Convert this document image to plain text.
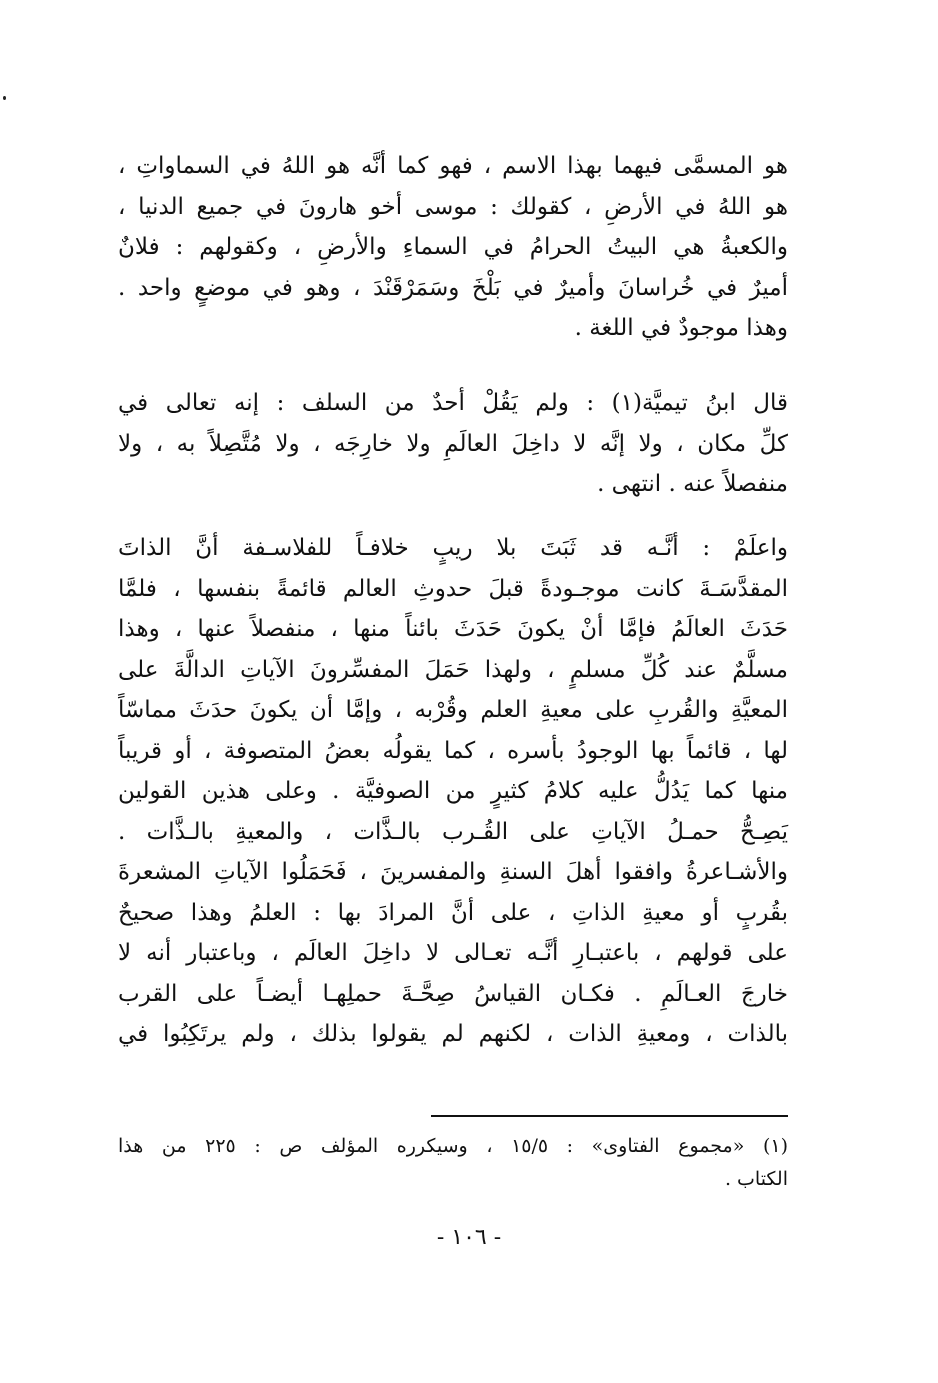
هو المسمَّى فيهما بهذا الاسم ، فهو كما أنَّه هو اللهُ في السماواتِ ،
هو اللهُ في الأرضِ ، كقولك : موسى أخو هارونَ في جميع الدنيا ،
والكعبةُ هي البيتُ الحرامُ في السماءِ والأرضِ ، وكقولهم : فلانٌ
أميرٌ في خُراسانَ وأميرٌ في بَلْخَ وسَمَرْقَنْدَ ، وهو في موضعٍ واحد .
وهذا موجودٌ في اللغة .
قال ابنُ تيميَّة(١) : ولم يَقُلْ أحدٌ من السلف : إنه تعالى في
كلِّ مكان ، ولا إنَّه لا داخِلَ العالَمِ ولا خارِجَه ، ولا مُتَّصِلاً به ، ولا
منفصلاً عنه . انتهى .
واعلَمْ : أنَّـه قد ثَبَتَ بلا ريبٍ خلافـاً للفلاسـفة أنَّ الذاتَ
المقدَّسَـةَ كانت موجـودةً قبلَ حدوثِ العالم قائمةً بنفسها ، فلمَّا
حَدَثَ العالَمُ فإمَّا أنْ يكونَ حَدَثَ بائناً منها ، منفصلاً عنها ، وهذا
مسلَّمٌ عند كُلِّ مسلمٍ ، ولهذا حَمَلَ المفسِّرونَ الآياتِ الدالَّةَ على
المعيَّةِ والقُربِ على معيةِ العلم وقُرْبه ، وإمَّا أن يكونَ حدَثَ مماسّاً
لها ، قائماً بها الوجودُ بأسره ، كما يقولُه بعضُ المتصوفة ، أو قريباً
منها كما يَدُلُّ عليه كلامُ كثيرٍ من الصوفيَّة . وعلى هذين القولين
يَصِـحُّ حمـلُ الآياتِ على القُـرب بالـذَّات ، والمعيةِ بالـذَّات .
والأشـاعرةُ وافقوا أهلَ السنةِ والمفسرينَ ، فَحَمَلُوا الآياتِ المشعرةَ
بقُربٍ أو معيةِ الذاتِ ، على أنَّ المرادَ بها : العلمُ وهذا صحيحٌ
على قولهم ، باعتبـارِ أنَّـه تعـالى لا داخِلَ العالَم ، وباعتبار أنه لا
خارجَ العـالَمِ . فكـان القياسُ صِحَّـةَ حملِهـا أيضـاً على القرب
بالذات ، ومعيةِ الذات ، لكنهم لم يقولوا بذلك ، ولم يرتَكِبُوا في
(١) «مجموع الفتاوى» : ١٥/٥ ، وسيكرره المؤلف ص : ٢٢٥ من هذا
الكتاب .
- ١٠٦ -
